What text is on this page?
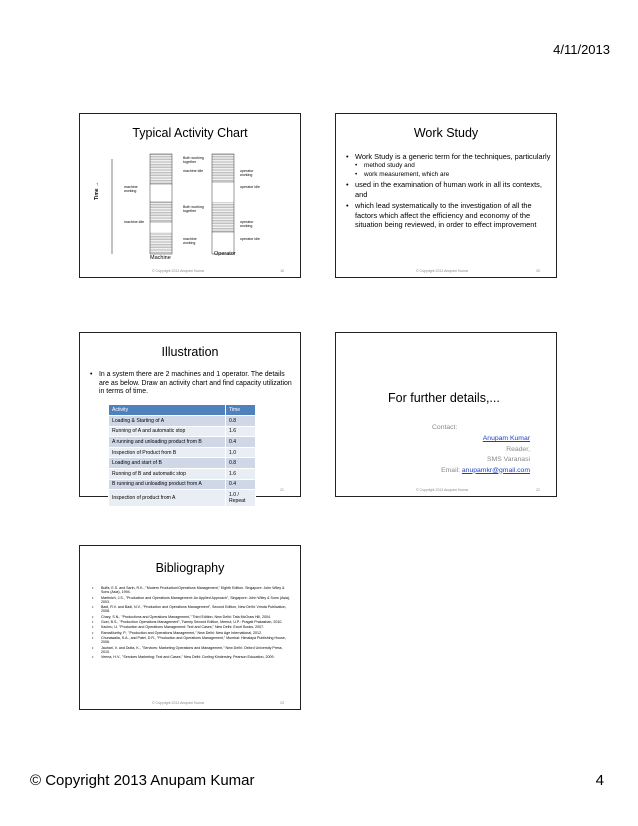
4/11/2013
Typical Activity Chart
Time →
Both working together
machine idle	operator working
machine working
operator idle
Both working together
machine idle	operator working
machine working
operator idle
Machine
Operator
© Copyright 2013 Anupam Kumar	16
Work Study
• Work Study is a generic term for the techniques, particularly
• method study and
• work measurement, which are
• used in the examination of human work in all its contexts, and
• which lead systematically to the investigation of all the factors which affect the efficiency and economy of the situation being reviewed, in order to effect improvement
© Copyright 2013 Anupam Kumar	20
Illustration
• In a system there are 2 machines and 1 operator. The details are as below. Draw an activity chart and find capacity utilization in terms of time.
Activity	Time
Loading & Starting of A	0.8
Running of A and automatic stop	1.6
A running and unloading product from B	0.4
Inspection of Product from B	1.0
Loading and start of B	0.8
Running of B and automatic stop	1.6
B running and unloading product from A	0.4
Inspection of product from A	1.0 / Repeat
21
For further details,...
Contact:
Anupam Kumar
Reader,
SMS Varanasi
Email: anupamkr@gmail.com
© Copyright 2013 Anupam Kumar	22
Bibliography
• Buffa, E.S. and Sarin, R.K., "Modern Production/Operations Management," Eighth Edition. Singapore: John Wiley & Sons (Asia), 1994.
• Martinich, J.S., "Production and Operations Management: An Applied Approach", Singapore: John Wiley & Sons (Asia), 2003.
• Badi, R.V. and Badi, N.V., "Production and Operations Management", Second Edition, New Delhi: Vrinda Publication, 2008.
• Chary, S.N., "Productions and Operations Management," Third Edition, New Delhi: Tata McGraw Hill, 2004.
• Goel, B.S., "Production Operations Management", Twenty Second Edition, Meerut, U.P.: Pragati Prakashan, 2010.
• Kachru, U. "Production and Operations Management: Text and Cases," New Delhi: Excel Books, 2007.
• RamaMurthy, P., "Production and Operations Management," New Delhi: New Age International, 2012.
• Chunawalla, S.A., and Patel, D.R., "Production and Operations Management," Mumbai: Himalaya Publishing House, 2006.
• Jauhari, V. and Dutta, K., "Services: Marketing Operations and Management," New Delhi: Oxford University Press, 2010.
• Verma, H.V., "Services Marketing: Text and Cases," New Delhi: Dorling Kindersley, Pearson Education, 2009.
© Copyright 2013 Anupam Kumar	23
© Copyright 2013 Anupam Kumar	4
